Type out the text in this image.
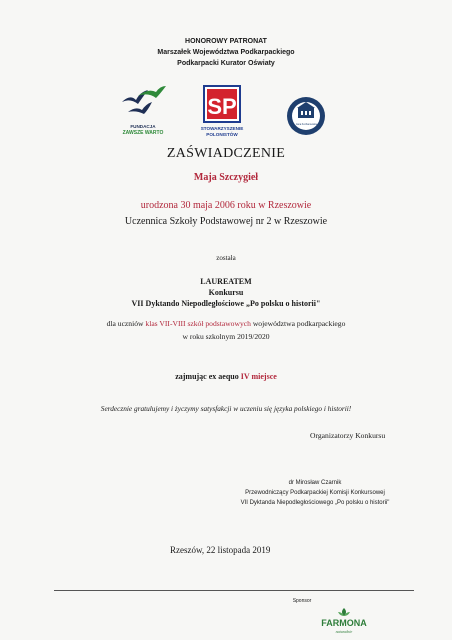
HONOROWY PATRONAT
Marszałek Województwa Podkarpackiego
Podkarpacki Kurator Oświaty
FUNDACJA
ZAWSZE WARTO
SP
STOWARZYSZENIE
POLONISTÓW
im. Jana Kochanowskiego
ZAŚWIADCZENIE
Maja Szczygieł
urodzona 30 maja 2006 roku w Rzeszowie
Uczennica Szkoły Podstawowej nr 2 w Rzeszowie
została
LAUREATEM
Konkursu
VII Dyktando Niepodległościowe „Po polsku o historii"
dla uczniów klas VII-VIII szkół podstawowych województwa podkarpackiego
w roku szkolnym 2019/2020
zajmując ex aequo IV miejsce
Serdecznie gratulujemy i życzymy satysfakcji w uczeniu się języka polskiego i historii!
Organizatorzy Konkursu
dr Mirosław Czarnik
Przewodniczący Podkarpackiej Komisji Konkursowej
VII Dyktanda Niepodległościowego „Po polsku o historii"
Rzeszów, 22 listopada 2019
Sponsor
FARMONA
naturalnie
